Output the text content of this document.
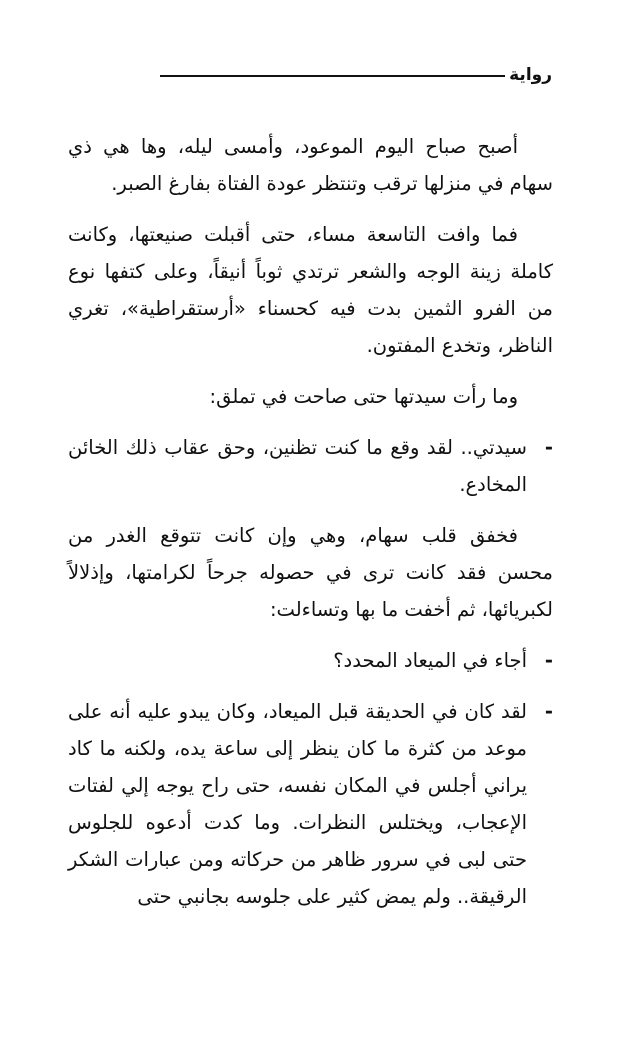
رواية

أصبح صباح اليوم الموعود، وأمسى ليله، وها هي ذي سهام في منزلها ترقب وتنتظر عودة الفتاة بفارغ الصبر.

فما وافت التاسعة مساء، حتى أقبلت صنيعتها، وكانت كاملة زينة الوجه والشعر ترتدي ثوباً أنيقاً، وعلى كتفها نوع من الفرو الثمين بدت فيه كحسناء «أرستقراطية»، تغري الناظر، وتخدع المفتون.

وما رأت سيدتها حتى صاحت في تملق:

-
سيدتي.. لقد وقع ما كنت تظنين، وحق عقاب ذلك الخائن المخادع.

فخفق قلب سهام، وهي وإن كانت تتوقع الغدر من محسن فقد كانت ترى في حصوله جرحاً لكرامتها، وإذلالاً لكبريائها، ثم أخفت ما بها وتساءلت:

-
أجاء في الميعاد المحدد؟

-
لقد كان في الحديقة قبل الميعاد، وكان يبدو عليه أنه على موعد من كثرة ما كان ينظر إلى ساعة يده، ولكنه ما كاد يراني أجلس في المكان نفسه، حتى راح يوجه إلي لفتات الإعجاب، ويختلس النظرات. وما كدت أدعوه للجلوس حتى لبى في سرور ظاهر من حركاته ومن عبارات الشكر الرقيقة.. ولم يمض كثير على جلوسه بجانبي حتى
